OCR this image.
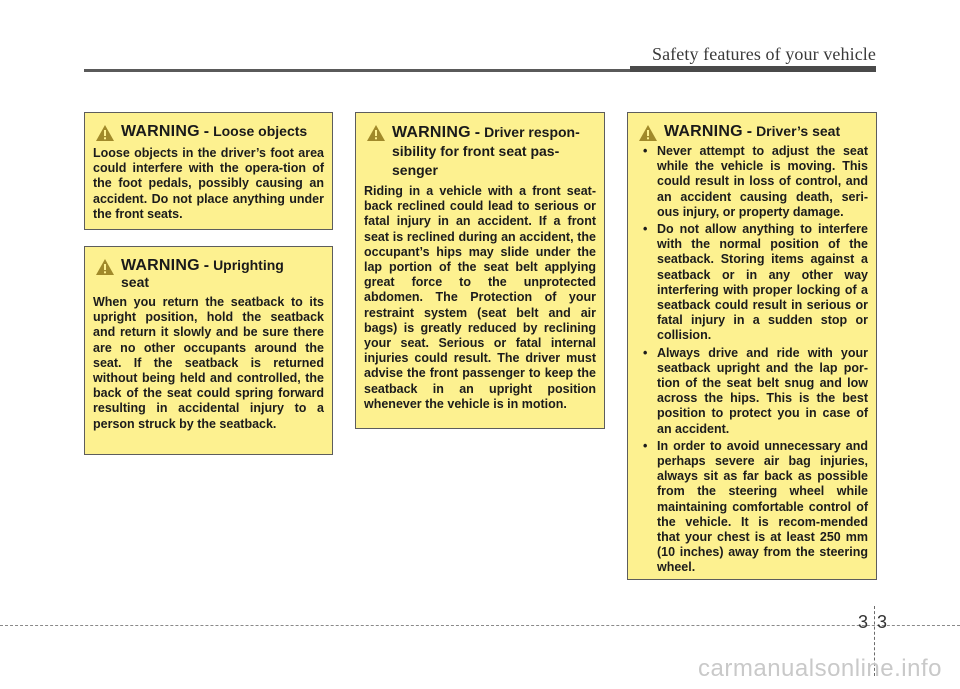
Safety features of your vehicle
WARNING - Loose objects
Loose objects in the driver’s foot area could interfere with the opera-tion of the foot pedals, possibly causing an accident. Do not place anything under the front seats.
WARNING - Uprighting seat
When you return the seatback to its upright position, hold the seatback and return it slowly and be sure there are no other occupants around the seat. If the seatback is returned without being held and controlled, the back of the seat could spring forward resulting in accidental injury to a person struck by the seatback.
WARNING - Driver respon-sibility for front seat pas-senger
Riding in a vehicle with a front seat-back reclined could lead to serious or fatal injury in an accident. If a front seat is reclined during an accident, the occupant’s hips may slide under the lap portion of the seat belt applying great force to the unprotected abdomen. The Protection of your restraint system (seat belt and air bags) is greatly reduced by reclining your seat. Serious or fatal internal injuries could result. The driver must advise the front passenger to keep the seatback in an upright position whenever the vehicle is in motion.
WARNING - Driver’s seat
• Never attempt to adjust the seat while the vehicle is moving. This could result in loss of control, and an accident causing death, seri-ous injury, or property damage.
• Do not allow anything to interfere with the normal position of the seatback. Storing items against a seatback or in any other way interfering with proper locking of a seatback could result in serious or fatal injury in a sudden stop or collision.
• Always drive and ride with your seatback upright and the lap por-tion of the seat belt snug and low across the hips. This is the best position to protect you in case of an accident.
• In order to avoid unnecessary and perhaps severe air bag injuries, always sit as far back as possible from the steering wheel while maintaining comfortable control of the vehicle. It is recom-mended that your chest is at least 250 mm (10 inches) away from the steering wheel.
3 3
carmanualsonline.info
